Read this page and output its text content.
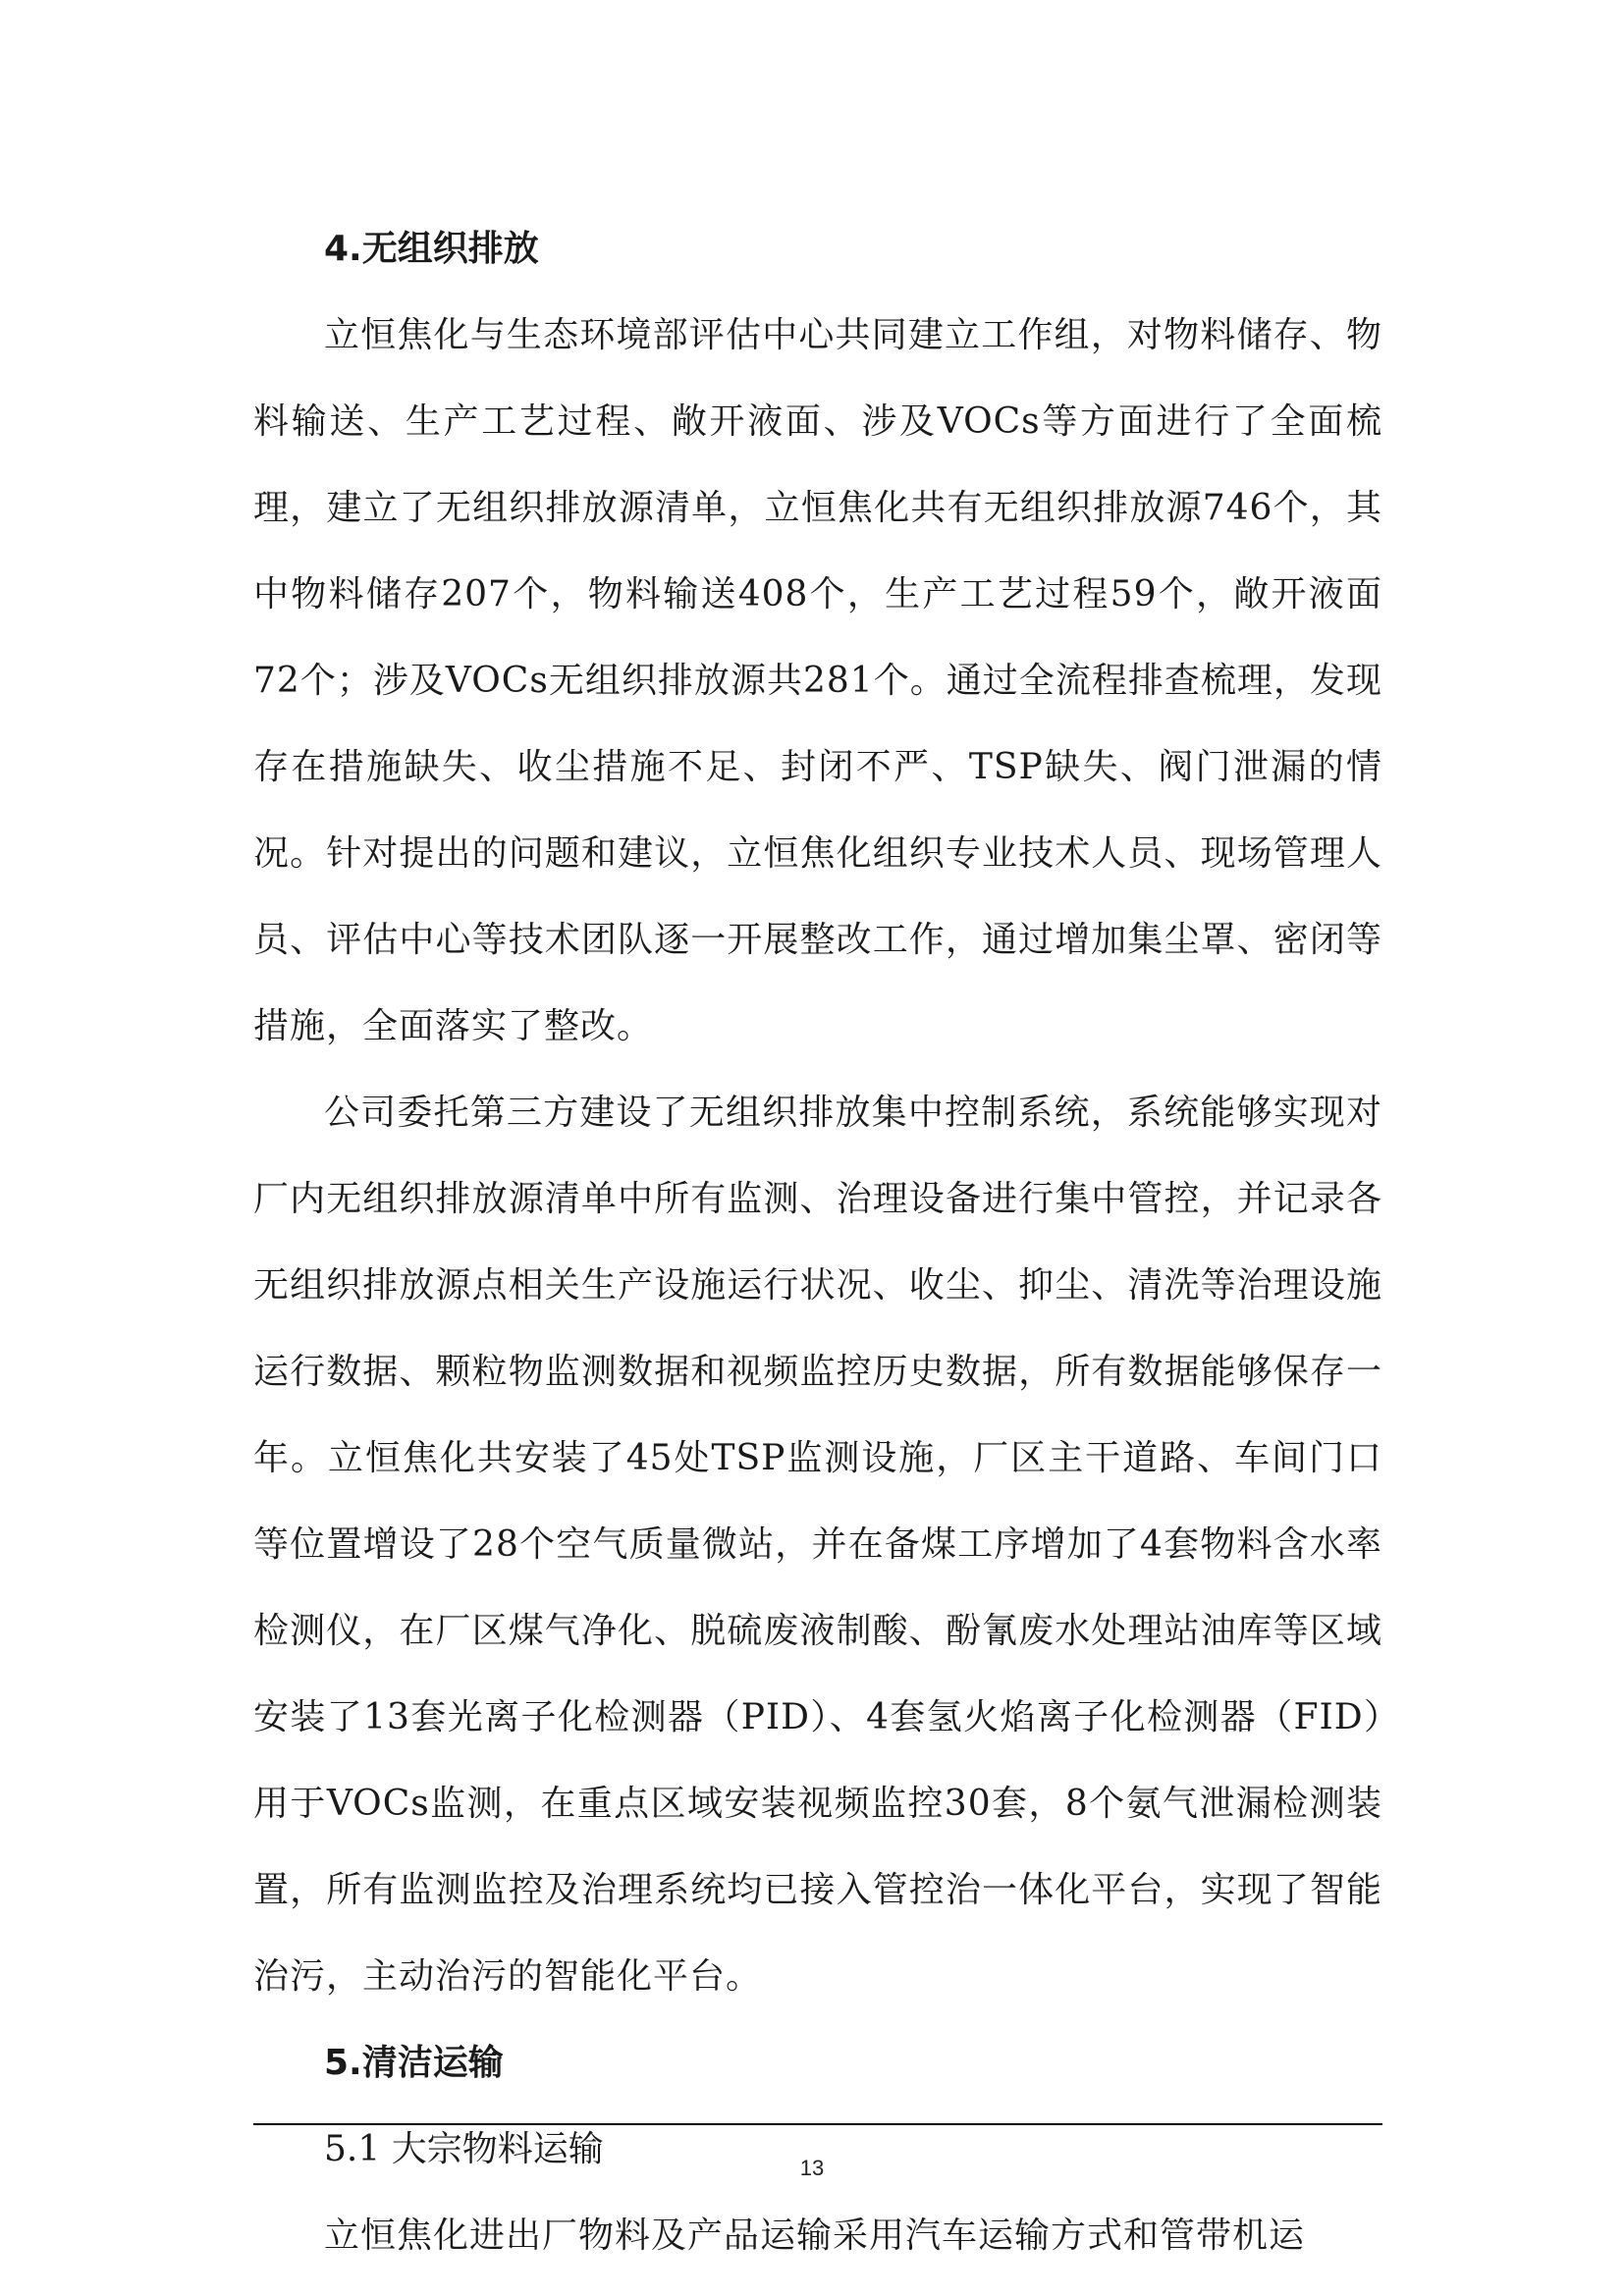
4.无组织排放

立恒焦化与生态环境部评估中心共同建立工作组，对物料储存、物料输送、生产工艺过程、敞开液面、涉及VOCs等方面进行了全面梳理，建立了无组织排放源清单，立恒焦化共有无组织排放源746个，其中物料储存207个，物料输送408个，生产工艺过程59个，敞开液面72个；涉及VOCs无组织排放源共281个。通过全流程排查梳理，发现存在措施缺失、收尘措施不足、封闭不严、TSP缺失、阀门泄漏的情况。针对提出的问题和建议，立恒焦化组织专业技术人员、现场管理人员、评估中心等技术团队逐一开展整改工作，通过增加集尘罩、密闭等措施，全面落实了整改。

公司委托第三方建设了无组织排放集中控制系统，系统能够实现对厂内无组织排放源清单中所有监测、治理设备进行集中管控，并记录各无组织排放源点相关生产设施运行状况、收尘、抑尘、清洗等治理设施运行数据、颗粒物监测数据和视频监控历史数据，所有数据能够保存一年。立恒焦化共安装了45处TSP监测设施，厂区主干道路、车间门口等位置增设了28个空气质量微站，并在备煤工序增加了4套物料含水率检测仪，在厂区煤气净化、脱硫废液制酸、酚氰废水处理站油库等区域安装了13套光离子化检测器（PID）、4套氢火焰离子化检测器（FID）用于VOCs监测，在重点区域安装视频监控30套，8个氨气泄漏检测装置，所有监测监控及治理系统均已接入管控治一体化平台，实现了智能治污，主动治污的智能化平台。

5.清洁运输

5.1 大宗物料运输

立恒焦化进出厂物料及产品运输采用汽车运输方式和管带机运

13
